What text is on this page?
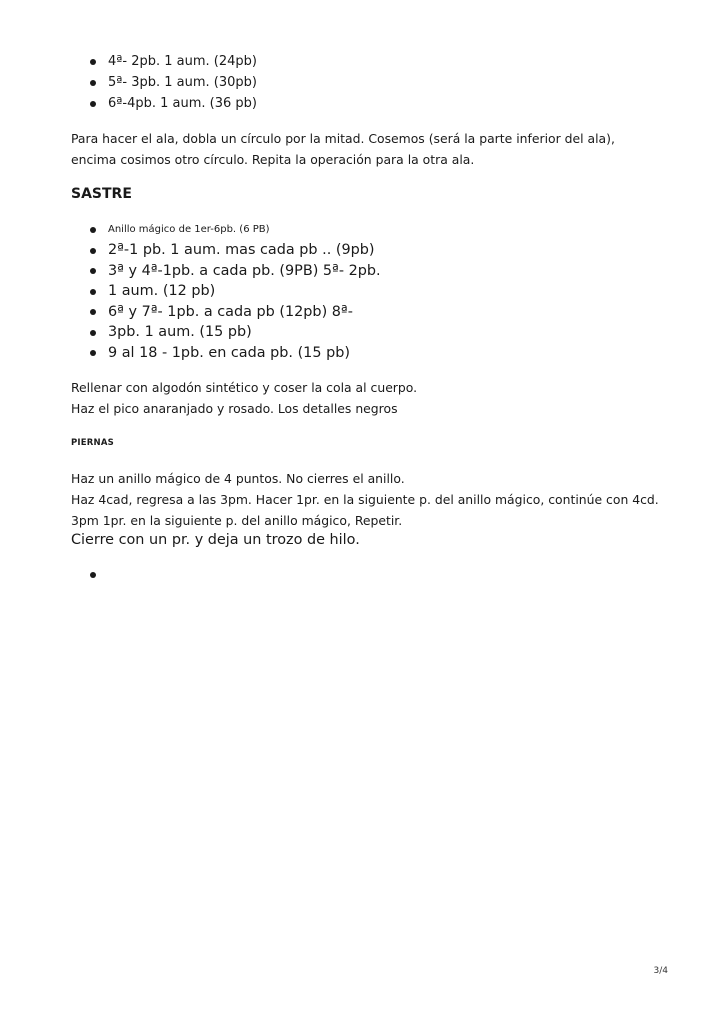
4ª- 2pb. 1 aum. (24pb)
5ª- 3pb. 1 aum. (30pb)
6ª-4pb. 1 aum. (36 pb)
Para hacer el ala, dobla un círculo por la mitad. Cosemos (será la parte inferior del ala),
encima cosimos otro círculo. Repita la operación para la otra ala.
SASTRE
Anillo mágico de 1er-6pb. (6 PB)
2ª-1 pb. 1 aum. mas cada pb .. (9pb)
3ª y 4ª-1pb. a cada pb. (9PB) 5ª- 2pb.
1 aum. (12 pb)
6ª y 7ª- 1pb. a cada pb (12pb) 8ª-
3pb. 1 aum. (15 pb)
9 al 18 - 1pb. en cada pb. (15 pb)
Rellenar con algodón sintético y coser la cola al cuerpo.
Haz el pico anaranjado y rosado. Los detalles negros
PIERNAS
Haz un anillo mágico de 4 puntos. No cierres el anillo.
Haz 4cad, regresa a las 3pm. Hacer 1pr. en la siguiente p. del anillo mágico, continúe con 4cd.
3pm 1pr. en la siguiente p. del anillo mágico, Repetir.
Cierre con un pr. y deja un trozo de hilo.
3/4
